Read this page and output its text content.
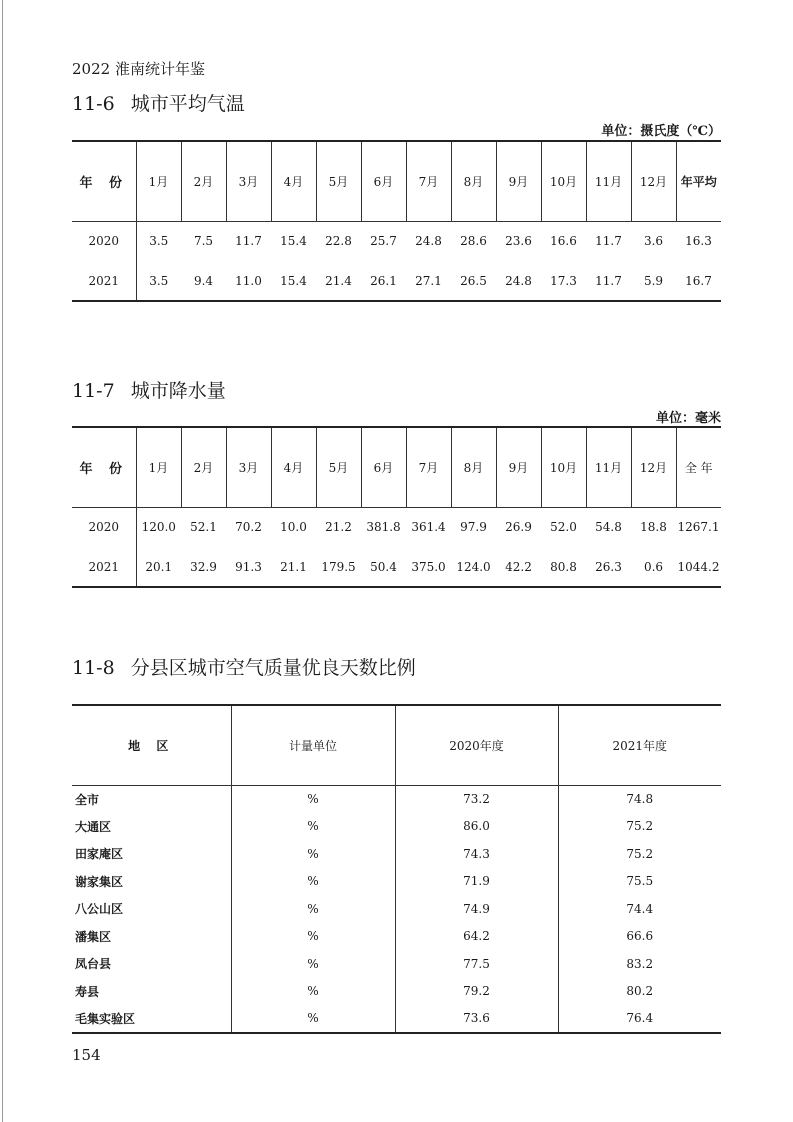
2022 淮南统计年鉴
11-6 城市平均气温
单位：摄氏度（℃）
年 份	1月	2月	3月	4月	5月	6月	7月	8月	9月	10月	11月	12月	年平均
2020	3.5	7.5	11.7	15.4	22.8	25.7	24.8	28.6	23.6	16.6	11.7	3.6	16.3
2021	3.5	9.4	11.0	15.4	21.4	26.1	27.1	26.5	24.8	17.3	11.7	5.9	16.7
11-7 城市降水量
单位：毫米
年 份	1月	2月	3月	4月	5月	6月	7月	8月	9月	10月	11月	12月	全 年
2020	120.0	52.1	70.2	10.0	21.2	381.8	361.4	97.9	26.9	52.0	54.8	18.8	1267.1
2021	20.1	32.9	91.3	21.1	179.5	50.4	375.0	124.0	42.2	80.8	26.3	0.6	1044.2
11-8 分县区城市空气质量优良天数比例
地 区	计量单位	2020年度	2021年度
全市	%	73.2	74.8
大通区	%	86.0	75.2
田家庵区	%	74.3	75.2
谢家集区	%	71.9	75.5
八公山区	%	74.9	74.4
潘集区	%	64.2	66.6
凤台县	%	77.5	83.2
寿县	%	79.2	80.2
毛集实验区	%	73.6	76.4
154
